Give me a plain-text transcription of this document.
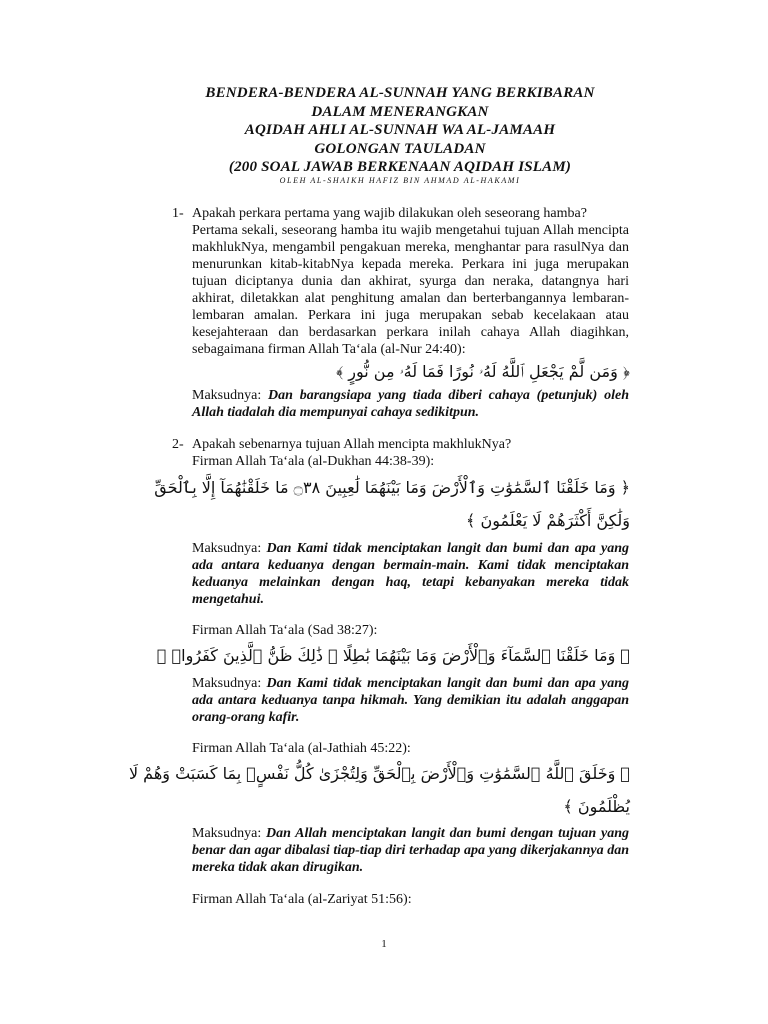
BENDERA-BENDERA AL-SUNNAH YANG BERKIBARAN
DALAM MENERANGKAN
AQIDAH AHLI AL-SUNNAH WA AL-JAMAAH
GOLONGAN TAULADAN
(200 SOAL JAWAB BERKENAAN AQIDAH ISLAM)
OLEH AL-SHAIKH HAFIZ BIN AHMAD AL-HAKAMI
1- Apakah perkara pertama yang wajib dilakukan oleh seseorang hamba?
Pertama sekali, seseorang hamba itu wajib mengetahui tujuan Allah mencipta makhlukNya, mengambil pengakuan mereka, menghantar para rasulNya dan menurunkan kitab-kitabNya kepada mereka. Perkara ini juga merupakan tujuan diciptanya dunia dan akhirat, syurga dan neraka, datangnya hari akhirat, diletakkan alat penghitung amalan dan berterbangannya lembaran-lembaran amalan. Perkara ini juga merupakan sebab kecelakaan atau kesejahteraan dan berdasarkan perkara inilah cahaya Allah diagihkan, sebagaimana firman Allah Ta‘ala (al-Nur 24:40):
﴿ وَمَن لَّمْ يَجْعَلِ ٱللَّهُ لَهُۥ نُورًا فَمَا لَهُۥ مِن نُّورٍ ﴾
Maksudnya: Dan barangsiapa yang tiada diberi cahaya (petunjuk) oleh Allah tiadalah dia mempunyai cahaya sedikitpun.
2- Apakah sebenarnya tujuan Allah mencipta makhlukNya?
Firman Allah Ta‘ala (al-Dukhan 44:38-39):
﴿ وَمَا خَلَقْنَا ٱلسَّمَٰوَٰتِ وَٱلْأَرْضَ وَمَا بَيْنَهُمَا لَٰعِبِينَ ۝٣٨ مَا خَلَقْنَٰهُمَآ إِلَّا بِٱلْحَقِّ
وَلَٰكِنَّ أَكْثَرَهُمْ لَا يَعْلَمُونَ ﴾
Maksudnya: Dan Kami tidak menciptakan langit dan bumi dan apa yang ada antara keduanya dengan bermain-main. Kami tidak menciptakan keduanya melainkan dengan haq, tetapi kebanyakan mereka tidak mengetahui.
Firman Allah Ta‘ala (Sad 38:27):
﴿ وَمَا خَلَقْنَا ٱلسَّمَآءَ وَٱلْأَرْضَ وَمَا بَيْنَهُمَا بَٰطِلًا ۚ ذَٰلِكَ ظَنُّ ٱلَّذِينَ كَفَرُوا۟ ﴾
Maksudnya: Dan Kami tidak menciptakan langit dan bumi dan apa yang ada antara keduanya tanpa hikmah. Yang demikian itu adalah anggapan orang-orang kafir.
Firman Allah Ta‘ala (al-Jathiah 45:22):
﴿ وَخَلَقَ ٱللَّهُ ٱلسَّمَٰوَٰتِ وَٱلْأَرْضَ بِٱلْحَقِّ وَلِتُجْزَىٰ كُلُّ نَفْسٍۭ بِمَا كَسَبَتْ وَهُمْ لَا
يُظْلَمُونَ ﴾
Maksudnya: Dan Allah menciptakan langit dan bumi dengan tujuan yang benar dan agar dibalasi tiap-tiap diri terhadap apa yang dikerjakannya dan mereka tidak akan dirugikan.
Firman Allah Ta‘ala (al-Zariyat 51:56):
1
